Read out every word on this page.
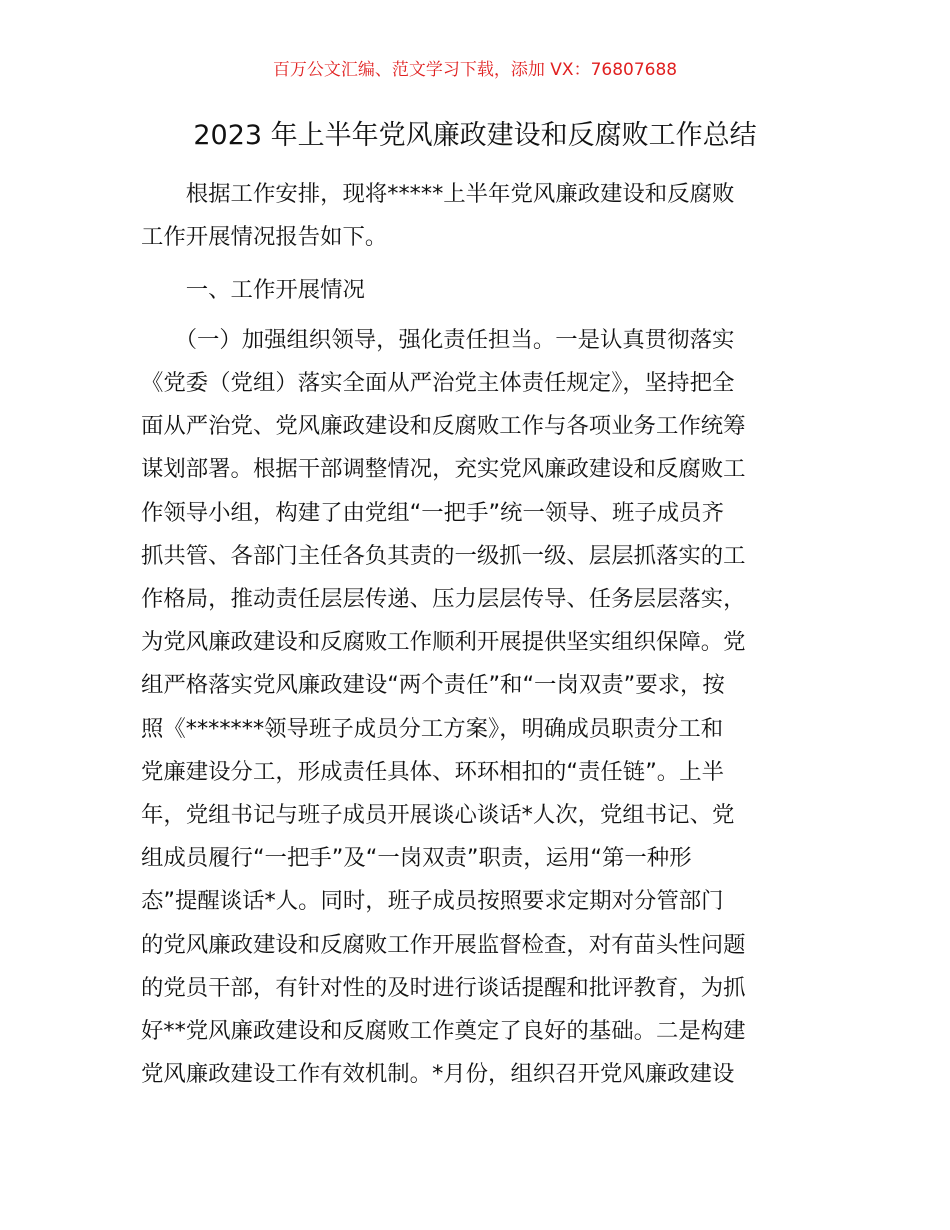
百万公文汇编、范文学习下载，添加 VX：76807688
2023 年上半年党风廉政建设和反腐败工作总结
　　根据工作安排，现将*****上半年党风廉政建设和反腐败
工作开展情况报告如下。
　　一、工作开展情况
　　（一）加强组织领导，强化责任担当。一是认真贯彻落实
《党委（党组）落实全面从严治党主体责任规定》，坚持把全
面从严治党、党风廉政建设和反腐败工作与各项业务工作统筹
谋划部署。根据干部调整情况，充实党风廉政建设和反腐败工
作领导小组，构建了由党组“一把手”统一领导、班子成员齐
抓共管、各部门主任各负其责的一级抓一级、层层抓落实的工
作格局，推动责任层层传递、压力层层传导、任务层层落实，
为党风廉政建设和反腐败工作顺利开展提供坚实组织保障。党
组严格落实党风廉政建设“两个责任”和“一岗双责”要求，按
照《*******领导班子成员分工方案》，明确成员职责分工和
党廉建设分工，形成责任具体、环环相扣的“责任链”。上半
年，党组书记与班子成员开展谈心谈话*人次，党组书记、党
组成员履行“一把手”及“一岗双责”职责，运用“第一种形
态”提醒谈话*人。同时，班子成员按照要求定期对分管部门
的党风廉政建设和反腐败工作开展监督检查，对有苗头性问题
的党员干部，有针对性的及时进行谈话提醒和批评教育，为抓
好**党风廉政建设和反腐败工作奠定了良好的基础。二是构建
党风廉政建设工作有效机制。*月份，组织召开党风廉政建设
